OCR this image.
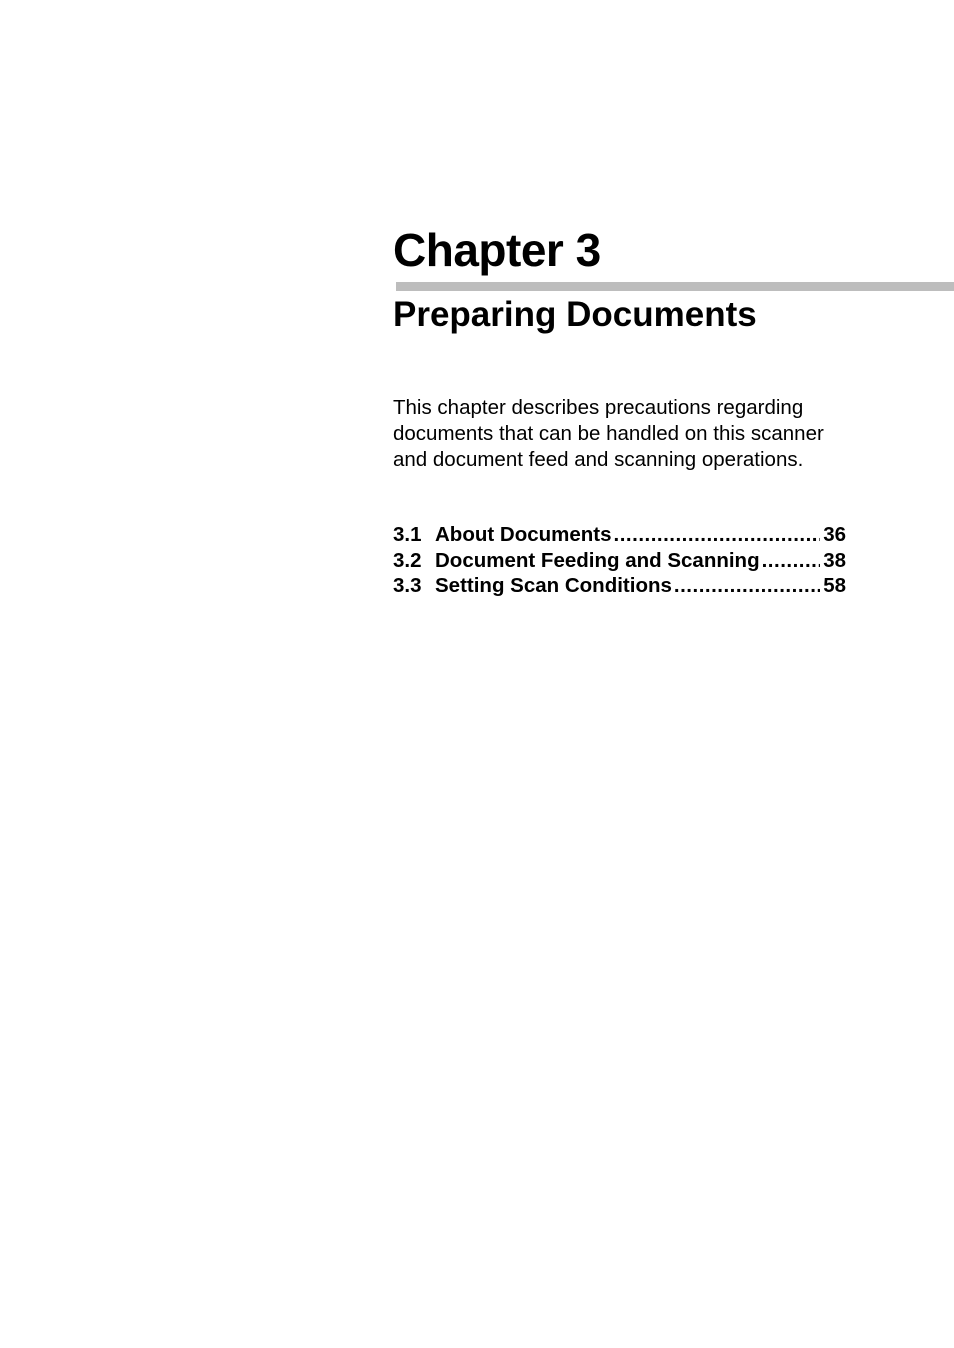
Chapter 3
Preparing Documents

This chapter describes precautions regarding documents that can be handled on this scanner and document feed and scanning operations.

3.1 About Documents .....	36
3.2 Document Feeding and Scanning .....	38
3.3 Setting Scan Conditions .....	58
